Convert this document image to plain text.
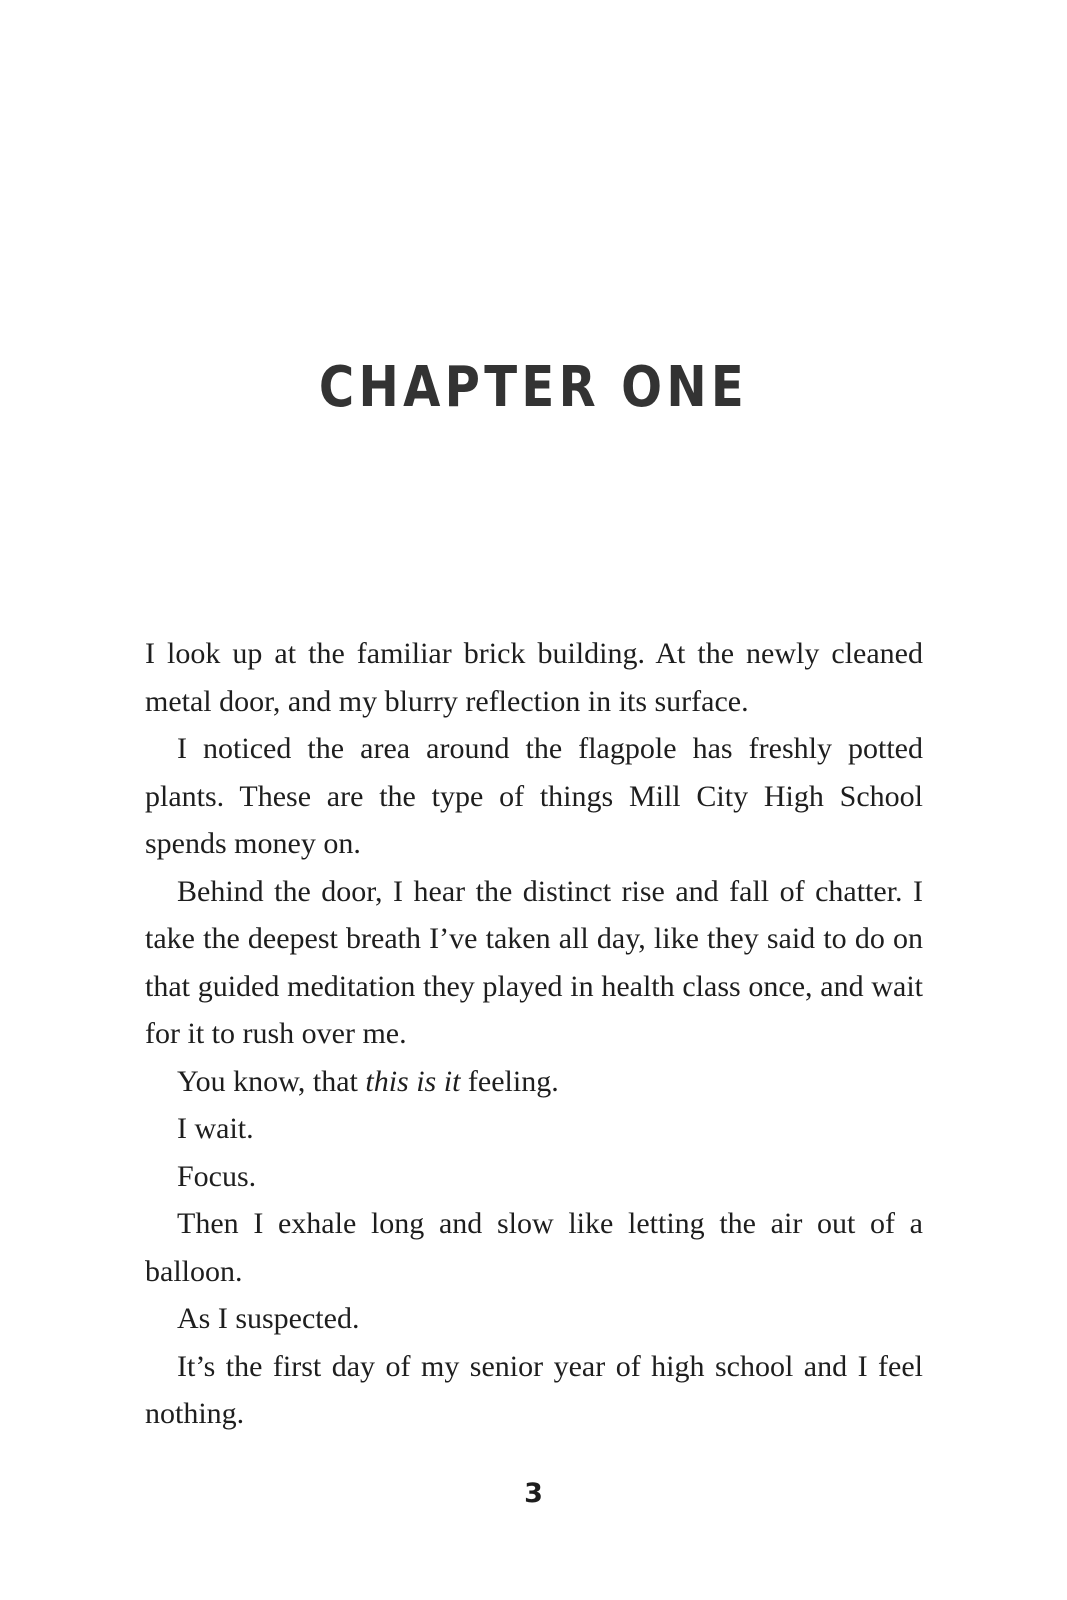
CHAPTER ONE

I look up at the familiar brick building. At the newly cleaned metal door, and my blurry reflection in its surface.

I noticed the area around the flagpole has freshly potted plants. These are the type of things Mill City High School spends money on.

Behind the door, I hear the distinct rise and fall of chatter. I take the deepest breath I’ve taken all day, like they said to do on that guided meditation they played in health class once, and wait for it to rush over me.

You know, that this is it feeling.

I wait.

Focus.

Then I exhale long and slow like letting the air out of a balloon.

As I suspected.

It’s the first day of my senior year of high school and I feel nothing.

3
